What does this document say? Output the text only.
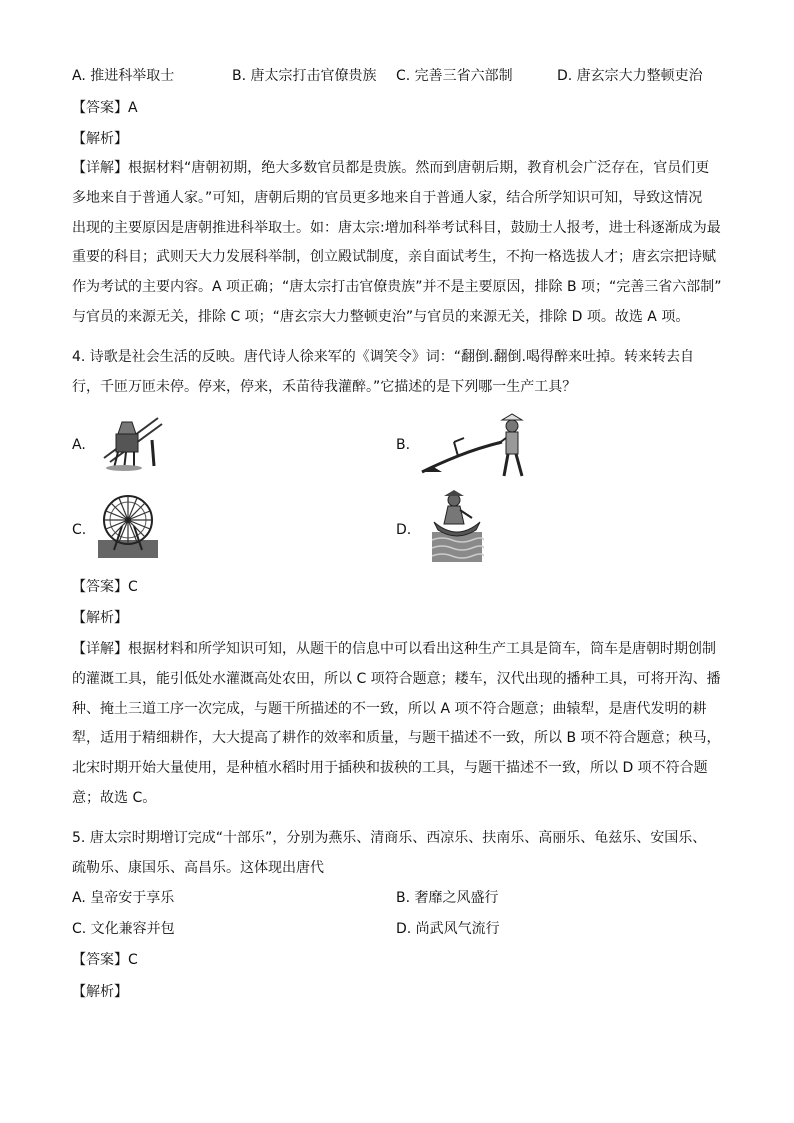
A. 推进科举取士	B. 唐太宗打击官僚贵族 C. 完善三省六部制	D. 唐玄宗大力整顿吏治
【答案】A
【解析】
【详解】根据材料“唐朝初期，绝大多数官员都是贵族。然而到唐朝后期，教育机会广泛存在，官员们更
多地来自于普通人家。”可知，唐朝后期的官员更多地来自于普通人家，结合所学知识可知，导致这情况
出现的主要原因是唐朝推进科举取士。如：唐太宗:增加科举考试科目，鼓励士人报考，进士科逐渐成为最
重要的科目；武则天大力发展科举制，创立殿试制度，亲自面试考生，不拘一格选拔人才；唐玄宗把诗赋
作为考试的主要内容。A 项正确；“唐太宗打击官僚贵族”并不是主要原因，排除 B 项；“完善三省六部制”
与官员的来源无关，排除 C 项；“唐玄宗大力整顿吏治”与官员的来源无关，排除 D 项。故选 A 项。
4. 诗歌是社会生活的反映。唐代诗人徐来军的《调笑令》词：“翻倒.翻倒.喝得醉来吐掉。转来转去自
行，千匝万匝未停。停来，停来，禾苗待我灌醉。”它描述的是下列哪一生产工具？
A.	B.
C.	D.
【答案】C
【解析】
【详解】根据材料和所学知识可知，从题干的信息中可以看出这种生产工具是筒车，筒车是唐朝时期创制
的灌溉工具，能引低处水灌溉高处农田，所以 C 项符合题意；耧车，汉代出现的播种工具，可将开沟、播
种、掩土三道工序一次完成，与题干所描述的不一致，所以 A 项不符合题意；曲辕犁，是唐代发明的耕
犁，适用于精细耕作，大大提高了耕作的效率和质量，与题干描述不一致，所以 B 项不符合题意；秧马，
北宋时期开始大量使用，是种植水稻时用于插秧和拔秧的工具，与题干描述不一致，所以 D 项不符合题
意；故选 C。
5. 唐太宗时期增订完成“十部乐”，分别为燕乐、清商乐、西凉乐、扶南乐、高丽乐、龟兹乐、安国乐、
疏勒乐、康国乐、高昌乐。这体现出唐代
A. 皇帝安于享乐	B. 奢靡之风盛行
C. 文化兼容并包	D. 尚武风气流行
【答案】C
【解析】
